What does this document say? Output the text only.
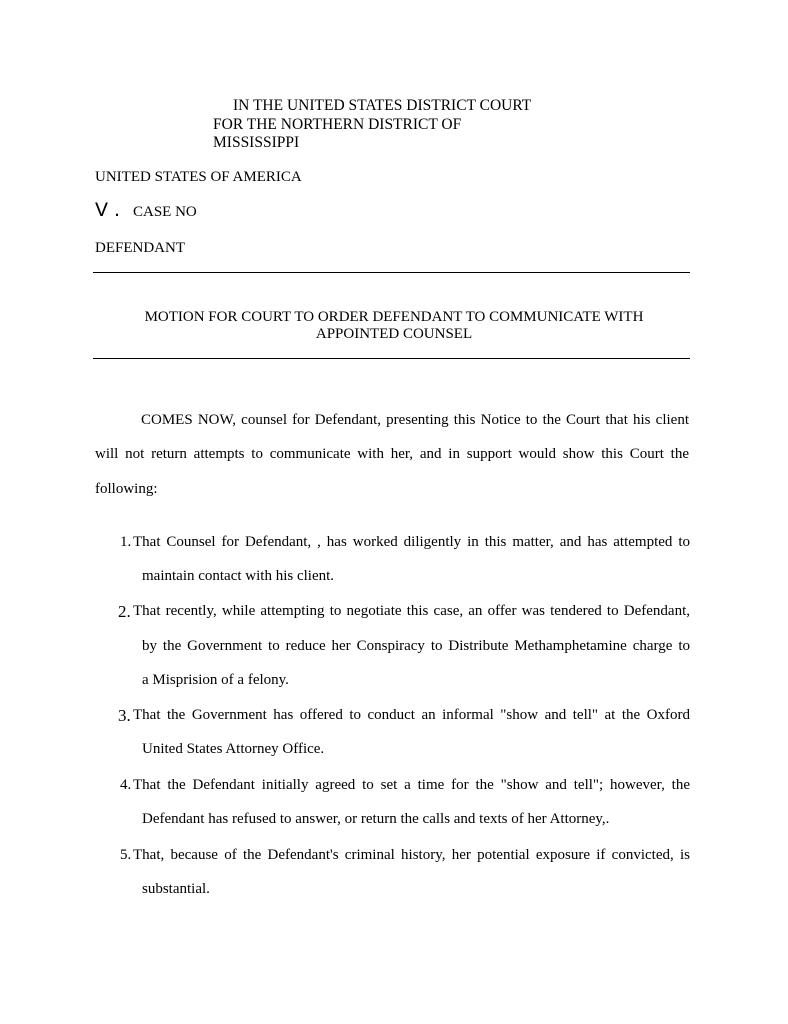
IN THE UNITED STATES DISTRICT COURT
FOR THE NORTHERN DISTRICT OF
MISSISSIPPI
UNITED STATES OF AMERICA
V . CASE NO
DEFENDANT
MOTION FOR COURT TO ORDER DEFENDANT TO COMMUNICATE WITH
APPOINTED COUNSEL
COMES NOW, counsel for Defendant, presenting this Notice to the Court that his client
will not return attempts to communicate with her, and in support would show this Court the
following:
1. That Counsel for Defendant, , has worked diligently in this matter, and has attempted to
maintain contact with his client.
2. That recently, while attempting to negotiate this case, an offer was tendered to Defendant,
by the Government to reduce her Conspiracy to Distribute Methamphetamine charge to
a Misprision of a felony.
3. That the Government has offered to conduct an informal "show and tell" at the Oxford
United States Attorney Office.
4. That the Defendant initially agreed to set a time for the "show and tell"; however, the
Defendant has refused to answer, or return the calls and texts of her Attorney,.
5. That, because of the Defendant's criminal history, her potential exposure if convicted, is
substantial.
